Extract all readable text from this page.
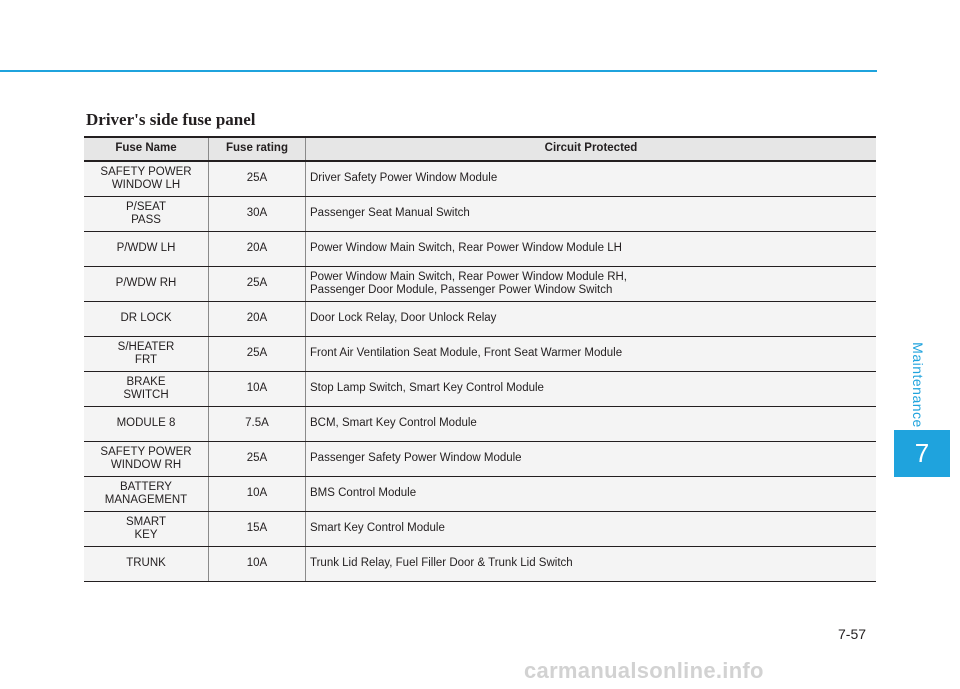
Driver's side fuse panel
Maintenance
7
Fuse Name	Fuse rating	Circuit Protected
SAFETY POWER
WINDOW LH	25A	Driver Safety Power Window Module
P/SEAT
PASS	30A	Passenger Seat Manual Switch
P/WDW LH	20A	Power Window Main Switch, Rear Power Window Module LH
P/WDW RH	25A	Power Window Main Switch, Rear Power Window Module RH,
Passenger Door Module, Passenger Power Window Switch
DR LOCK	20A	Door Lock Relay, Door Unlock Relay
S/HEATER
FRT	25A	Front Air Ventilation Seat Module, Front Seat Warmer Module
BRAKE
SWITCH	10A	Stop Lamp Switch, Smart Key Control Module
MODULE 8	7.5A	BCM, Smart Key Control Module
SAFETY POWER
WINDOW RH	25A	Passenger Safety Power Window Module
BATTERY
MANAGEMENT	10A	BMS Control Module
SMART
KEY	15A	Smart Key Control Module
TRUNK	10A	Trunk Lid Relay, Fuel Filler Door & Trunk Lid Switch
7-57
carmanualsonline.info
